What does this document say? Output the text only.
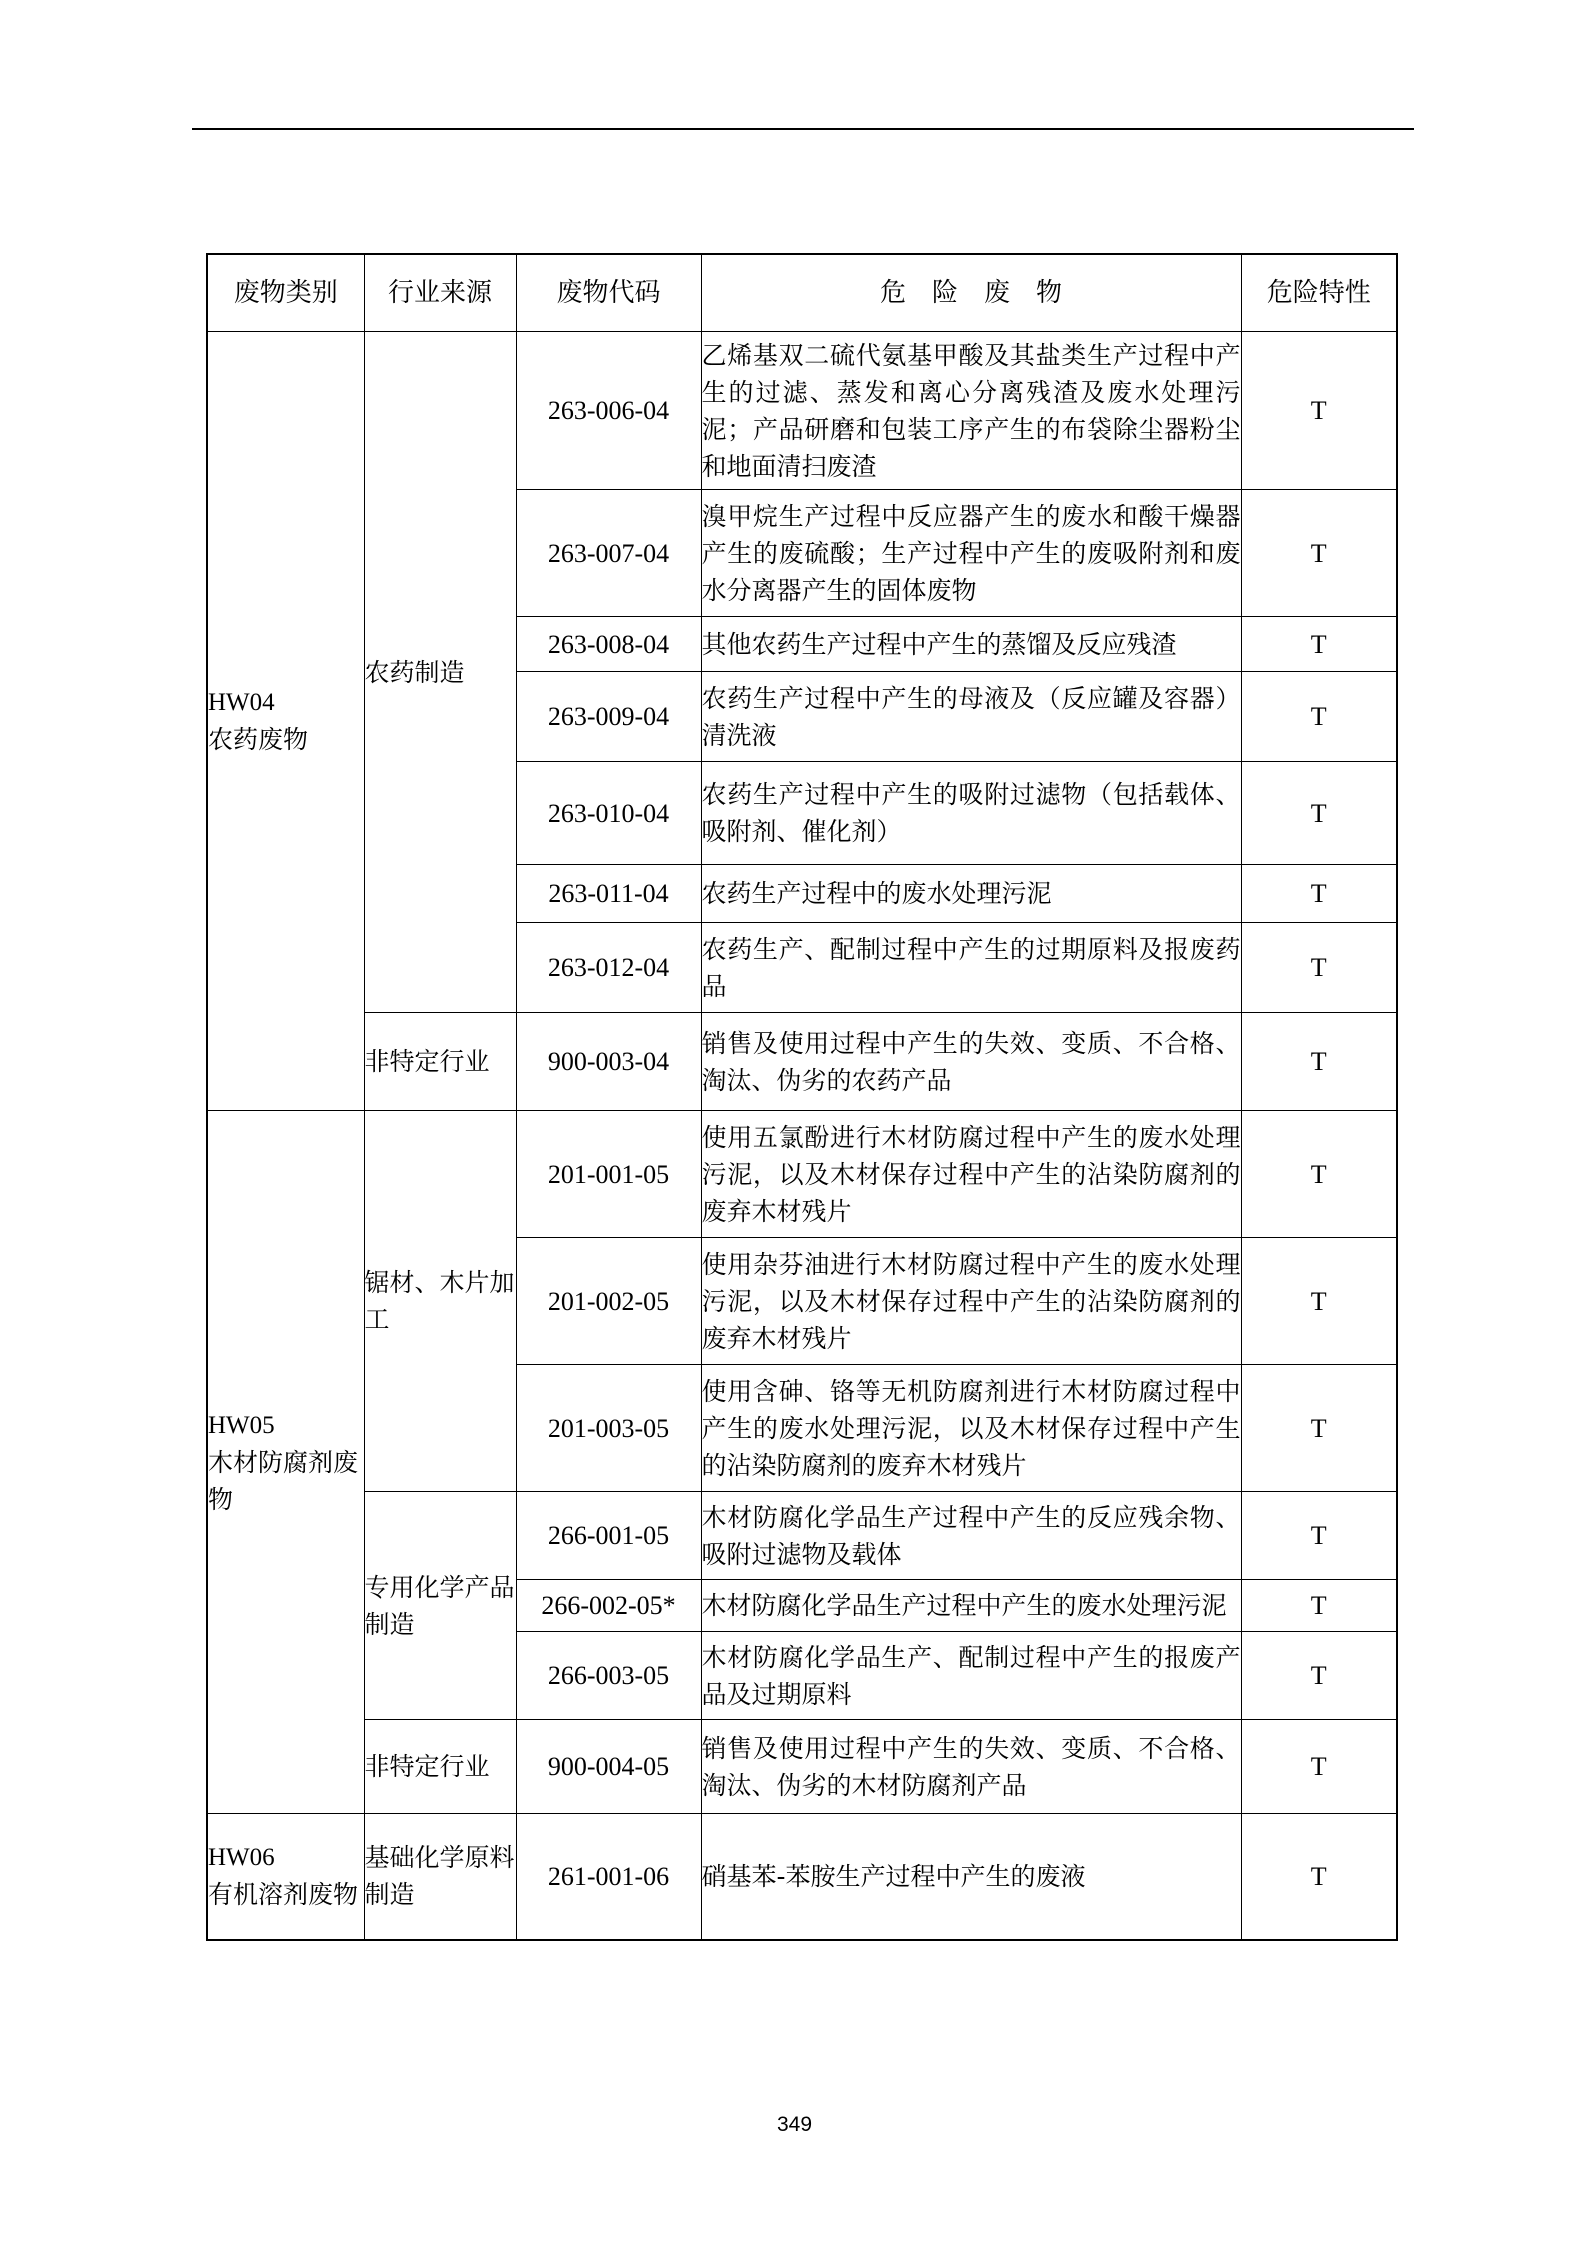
废物类别	行业来源	废物代码	危　险　废　物	危险特性

HW04
农药废物	农药制造	263-006-04	乙烯基双二硫代氨基甲酸及其盐类生产过程中产生的过滤、蒸发和离心分离残渣及废水处理污泥；产品研磨和包装工序产生的布袋除尘器粉尘和地面清扫废渣	T
		263-007-04	溴甲烷生产过程中反应器产生的废水和酸干燥器产生的废硫酸；生产过程中产生的废吸附剂和废水分离器产生的固体废物	T
		263-008-04	其他农药生产过程中产生的蒸馏及反应残渣	T
		263-009-04	农药生产过程中产生的母液及（反应罐及容器）清洗液	T
		263-010-04	农药生产过程中产生的吸附过滤物（包括载体、吸附剂、催化剂）	T
		263-011-04	农药生产过程中的废水处理污泥	T
		263-012-04	农药生产、配制过程中产生的过期原料及报废药品	T
	非特定行业	900-003-04	销售及使用过程中产生的失效、变质、不合格、淘汰、伪劣的农药产品	T

HW05
木材防腐剂废物	锯材、木片加工	201-001-05	使用五氯酚进行木材防腐过程中产生的废水处理污泥，以及木材保存过程中产生的沾染防腐剂的废弃木材残片	T
		201-002-05	使用杂芬油进行木材防腐过程中产生的废水处理污泥，以及木材保存过程中产生的沾染防腐剂的废弃木材残片	T
		201-003-05	使用含砷、铬等无机防腐剂进行木材防腐过程中产生的废水处理污泥，以及木材保存过程中产生的沾染防腐剂的废弃木材残片	T
	专用化学产品制造	266-001-05	木材防腐化学品生产过程中产生的反应残余物、吸附过滤物及载体	T
		266-002-05*	木材防腐化学品生产过程中产生的废水处理污泥	T
		266-003-05	木材防腐化学品生产、配制过程中产生的报废产品及过期原料	T
	非特定行业	900-004-05	销售及使用过程中产生的失效、变质、不合格、淘汰、伪劣的木材防腐剂产品	T

HW06
有机溶剂废物	基础化学原料制造	261-001-06	硝基苯-苯胺生产过程中产生的废液	T
349
